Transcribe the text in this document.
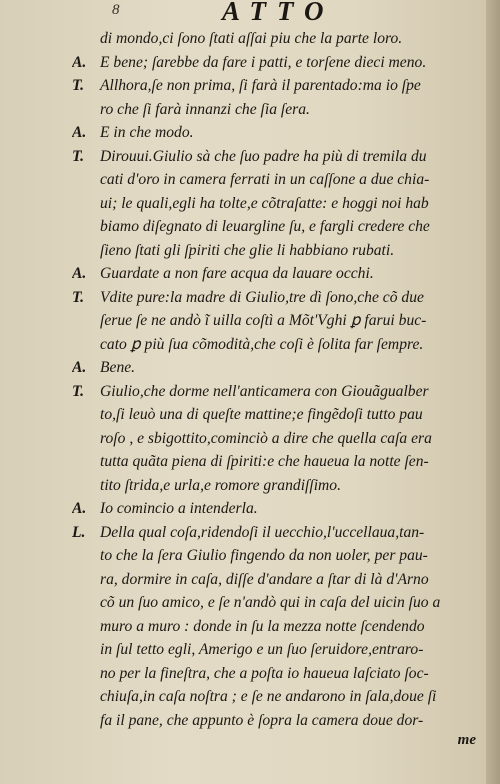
8	ATTO
di mondo,ci ſono ſtati aſſai piu che la parte loro.
A. E bene; ſarebbe da fare i patti, e torſene dieci meno.
T. Allhora,ſe non prima, ſi farà il parentado:ma io ſpe
ro che ſi farà innanzi che ſia ſera.
A. E in che modo.
T. Dirouui.Giulio sà che ſuo padre ha più di tremila du
cati d'oro in camera ferrati in un caſſone a due chia-
ui; le quali,egli ha tolte,e cõtraſatte: e hoggi noi hab
biamo diſegnato di leuargline ſu, e fargli credere che
ſieno ſtati gli ſpiriti che glie li habbiano rubati.
A. Guardate a non fare acqua da lauare occhi.
T. Vdite pure:la madre di Giulio,tre dì ſono,che cõ due
ſerue ſe ne andò ĩ uilla coſtì a Mõt'Vghi ꝑ farui buc-
cato ꝑ più ſua cõmodità,che coſi è ſolita far ſempre.
A. Bene.
T. Giulio,che dorme nell'anticamera con Giouãgualber
to,ſi leuò una di queſte mattine;e fingẽdoſi tutto pau
roſo , e sbigottito,cominciò a dire che quella caſa era
tutta quãta piena di ſpiriti:e che haueua la notte ſen-
tito ſtrida,e urla,e romore grandiſſimo.
A. Io comincio a intenderla.
L. Della qual coſa,ridendoſi il uecchio,l'uccellaua,tan-
to che la ſera Giulio fingendo da non uoler, per pau-
ra, dormire in caſa, diſſe d'andare a ſtar di là d'Arno
cõ un ſuo amico, e ſe n'andò qui in caſa del uicin ſuo a
muro a muro : donde in ſu la mezza notte ſcendendo
in ſul tetto egli, Amerigo e un ſuo ſeruidore,entraro-
no per la fineſtra, che a poſta io haueua laſciato ſoc-
chiuſa,in caſa noſtra ; e ſe ne andarono in ſala,doue ſi
fa il pane, che appunto è ſopra la camera doue dor-
me
